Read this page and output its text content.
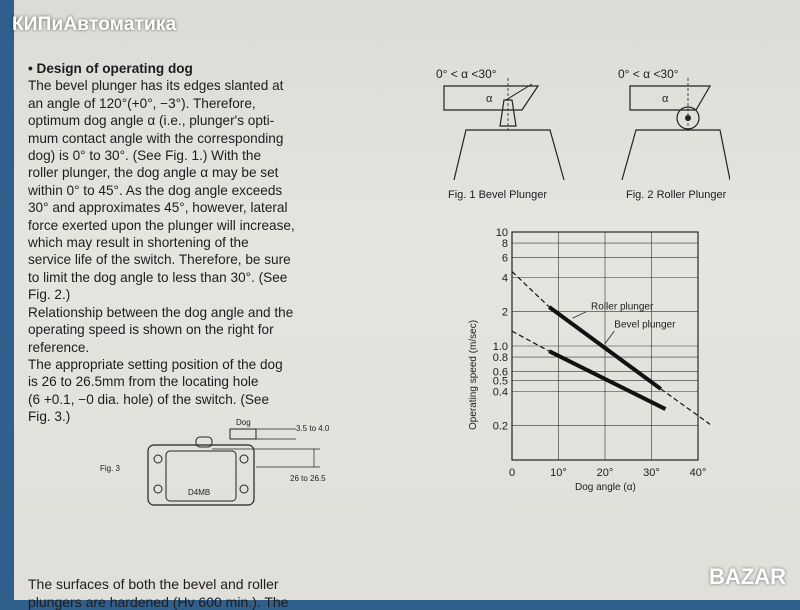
КИПиАвтоматика

• Design of operating dog

The bevel plunger has its edges slanted at

an angle of 120°(+0°, −3°). Therefore,

optimum dog angle α (i.e., plunger's opti-

mum contact angle with the corresponding

dog) is 0° to 30°. (See Fig. 1.) With the

roller plunger, the dog angle α may be set

within 0° to 45°. As the dog angle exceeds

30° and approximates 45°, however, lateral

force exerted upon the plunger will increase,

which may result in shortening of the

service life of the switch. Therefore, be sure

to limit the dog angle to less than 30°. (See

Fig. 2.)

Relationship between the dog angle and the

operating speed is shown on the right for

reference.

The appropriate setting position of the dog

is 26 to 26.5mm from the locating hole

(6 +0.1, −0 dia. hole) of the switch. (See

Fig. 3.)

0° < α <30°
α
Fig. 1 Bevel Plunger
0° < α <30°
α
Fig. 2 Roller Plunger
Fig. 3
Dog
3.5 to 4.0
26 to 26.5
D4MB
10
8
6
4
2
1.0
0.8
0.6
0.5
0.4
0.2
0	10°	20°	30°	40°
Operating speed (m/sec)
Dog angle (α)
Roller plunger
Bevel plunger
The surfaces of both the bevel and roller
plungers are hardened (Hv 600 min.). The
BAZAR
